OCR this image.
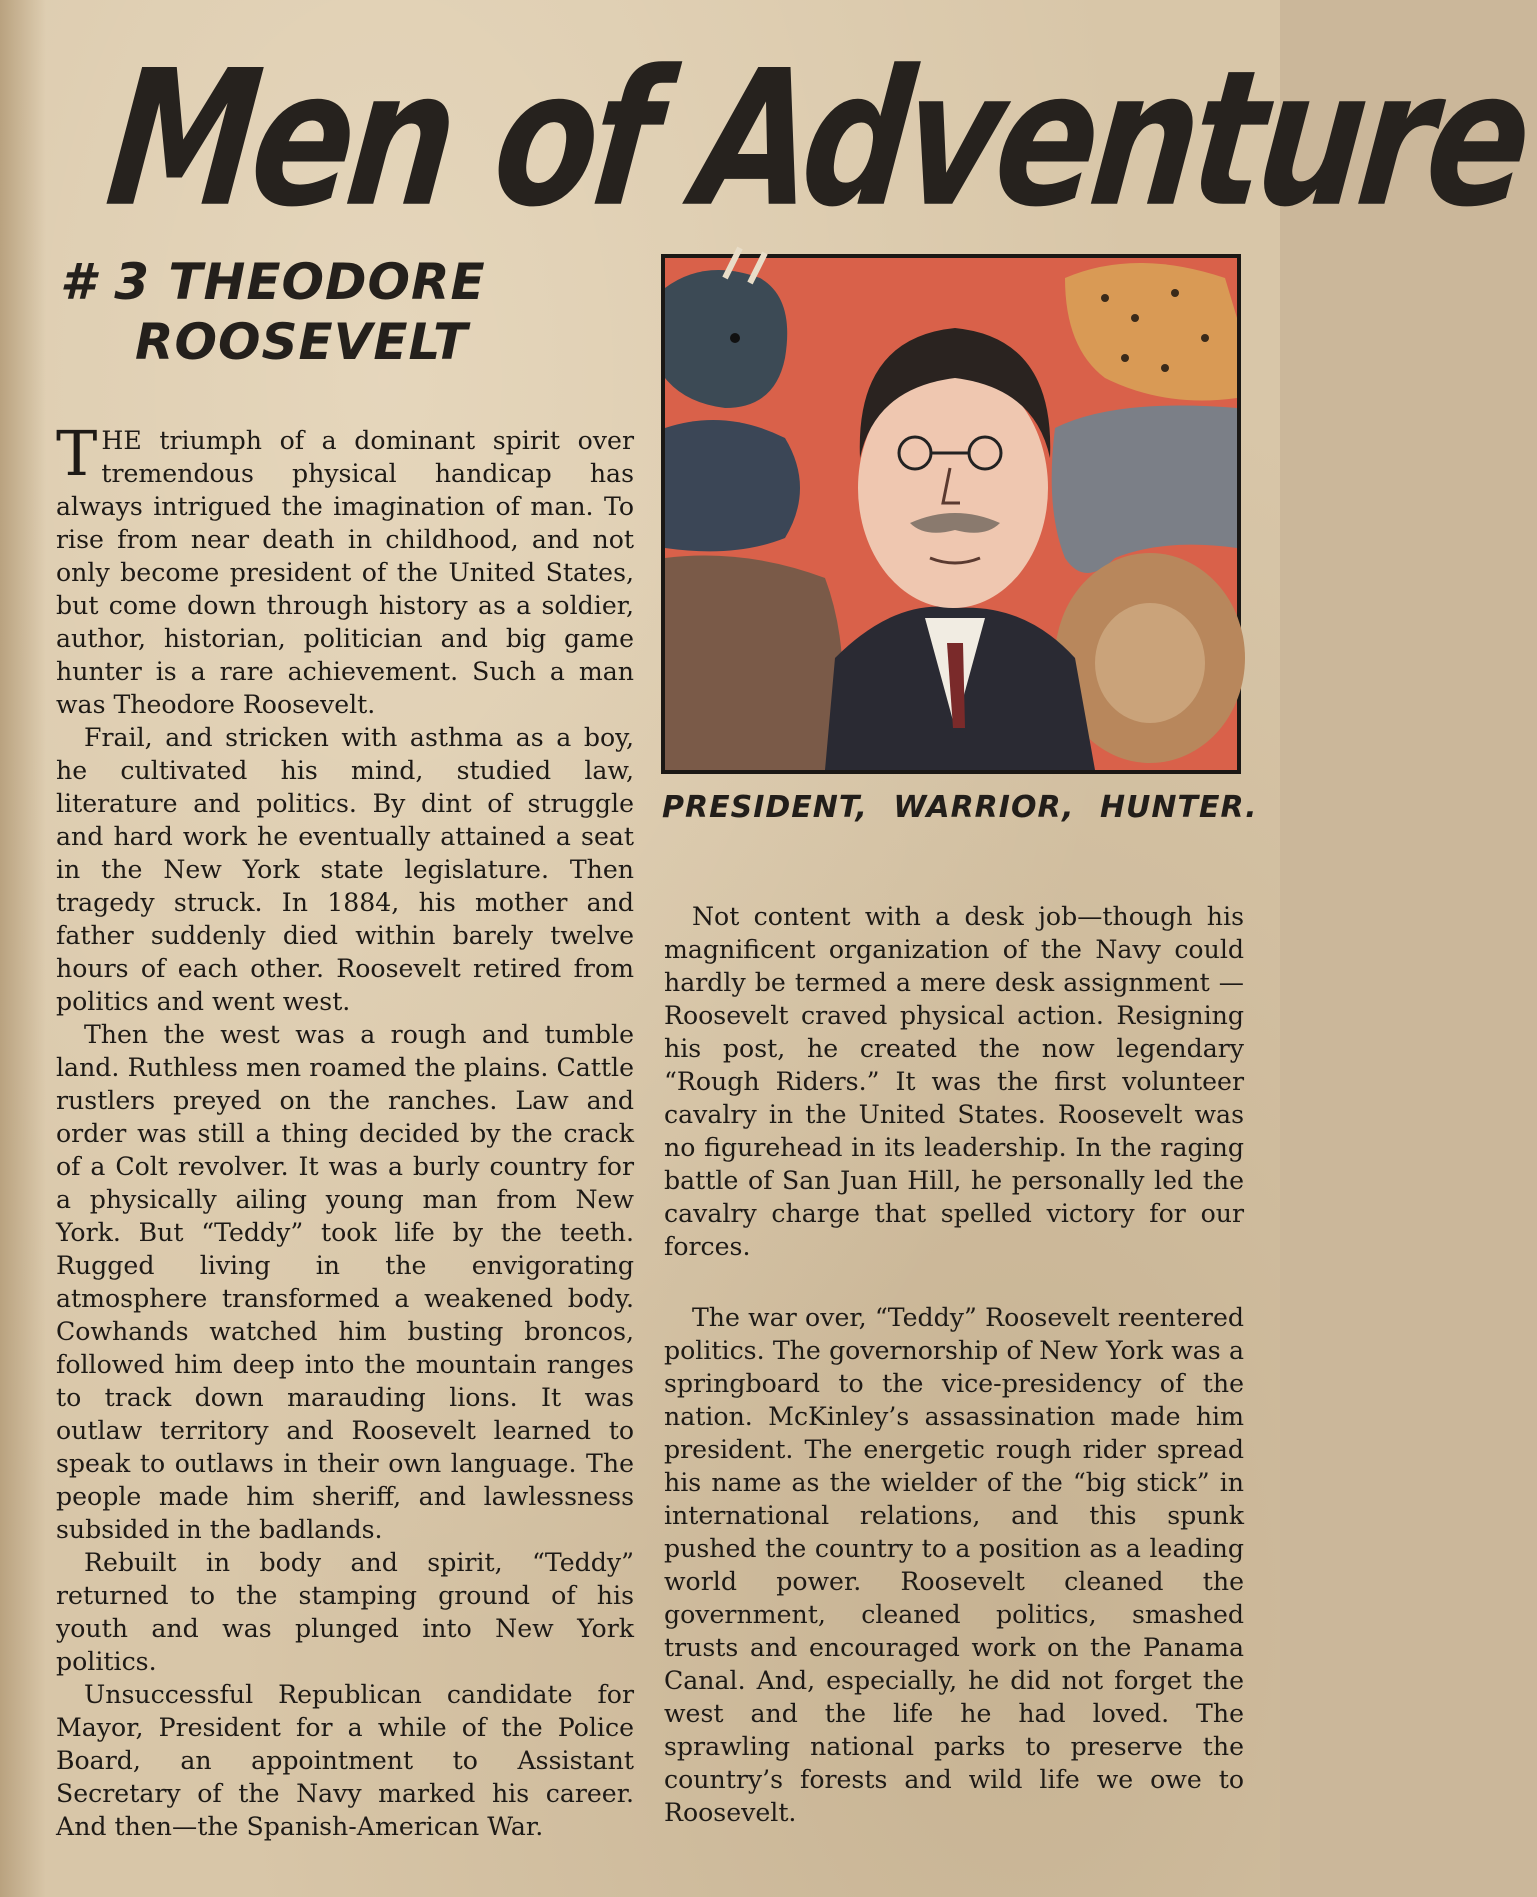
Men of Adventure
# 3 THEODORE
ROOSEVELT

THE triumph of a dominant spirit over tremendous physical handicap has always intrigued the imagination of man. To rise from near death in childhood, and not only become president of the United States, but come down through history as a soldier, author, historian, politician and big game hunter is a rare achievement. Such a man was Theodore Roosevelt.

Frail, and stricken with asthma as a boy, he cultivated his mind, studied law, literature and politics. By dint of struggle and hard work he eventually attained a seat in the New York state legislature. Then tragedy struck. In 1884, his mother and father suddenly died within barely twelve hours of each other. Roosevelt retired from politics and went west.

Then the west was a rough and tumble land. Ruthless men roamed the plains. Cattle rustlers preyed on the ranches. Law and order was still a thing decided by the crack of a Colt revolver. It was a burly country for a physically ailing young man from New York. But “Teddy” took life by the teeth. Rugged living in the envigorating atmosphere transformed a weakened body. Cowhands watched him busting broncos, followed him deep into the mountain ranges to track down marauding lions. It was outlaw territory and Roosevelt learned to speak to outlaws in their own language. The people made him sheriff, and lawlessness subsided in the badlands.

Rebuilt in body and spirit, “Teddy” returned to the stamping ground of his youth and was plunged into New York politics.

Unsuccessful Republican candidate for Mayor, President for a while of the Police Board, an appointment to Assistant Secretary of the Navy marked his career. And then—the Spanish-American War.

PRESIDENT, WARRIOR, HUNTER.

Not content with a desk job—though his magnificent organization of the Navy could hardly be termed a mere desk assignment —Roosevelt craved physical action. Resigning his post, he created the now legendary “Rough Riders.” It was the first volunteer cavalry in the United States. Roosevelt was no figurehead in its leadership. In the raging battle of San Juan Hill, he personally led the cavalry charge that spelled victory for our forces.

The war over, “Teddy” Roosevelt reentered politics. The governorship of New York was a springboard to the vice-presidency of the nation. McKinley’s assassination made him president. The energetic rough rider spread his name as the wielder of the “big stick” in international relations, and this spunk pushed the country to a position as a leading world power. Roosevelt cleaned the government, cleaned politics, smashed trusts and encouraged work on the Panama Canal. And, especially, he did not forget the west and the life he had loved. The sprawling national parks to preserve the country’s forests and wild life we owe to Roosevelt.
